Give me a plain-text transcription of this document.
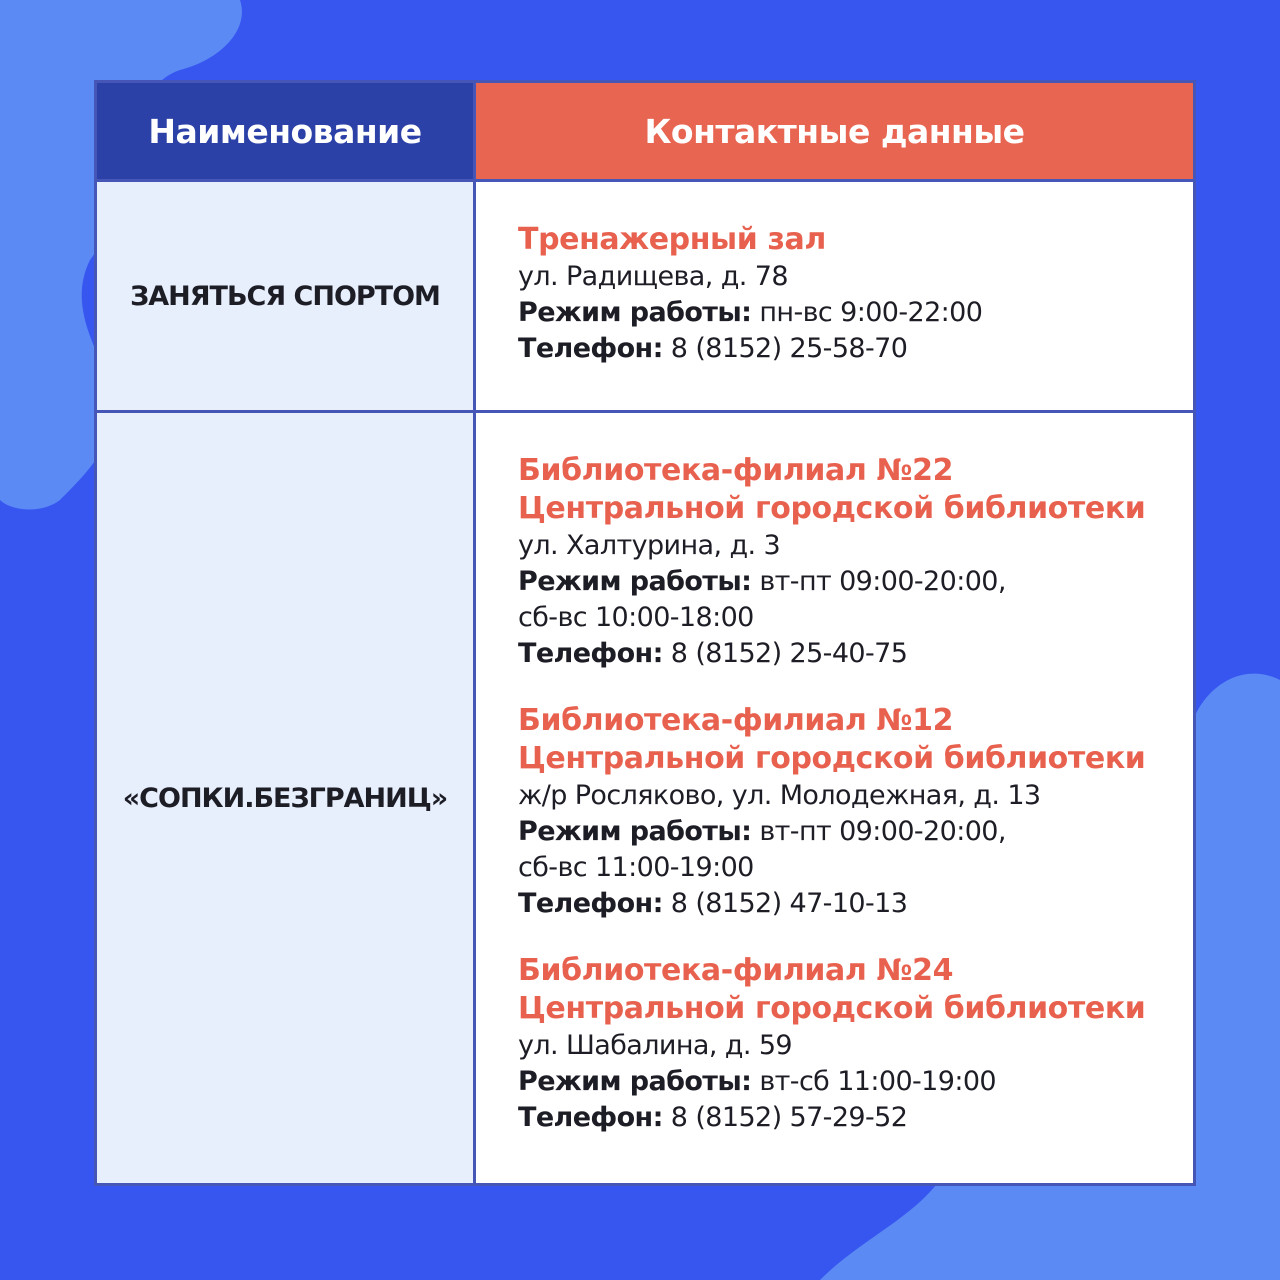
Наименование	Контактные данные
ЗАНЯТЬСЯ СПОРТОМ
Тренажерный зал
ул. Радищева, д. 78
Режим работы: пн-вс 9:00-22:00
Телефон: 8 (8152) 25-58-70
«СОПКИ.БЕЗГРАНИЦ»
Библиотека-филиал №22
Центральной городской библиотеки
ул. Халтурина, д. 3
Режим работы: вт-пт 09:00-20:00,
сб-вс 10:00-18:00
Телефон: 8 (8152) 25-40-75
Библиотека-филиал №12
Центральной городской библиотеки
ж/р Росляково, ул. Молодежная, д. 13
Режим работы: вт-пт 09:00-20:00,
сб-вс 11:00-19:00
Телефон: 8 (8152) 47-10-13
Библиотека-филиал №24
Центральной городской библиотеки
ул. Шабалина, д. 59
Режим работы: вт-сб 11:00-19:00
Телефон: 8 (8152) 57-29-52
